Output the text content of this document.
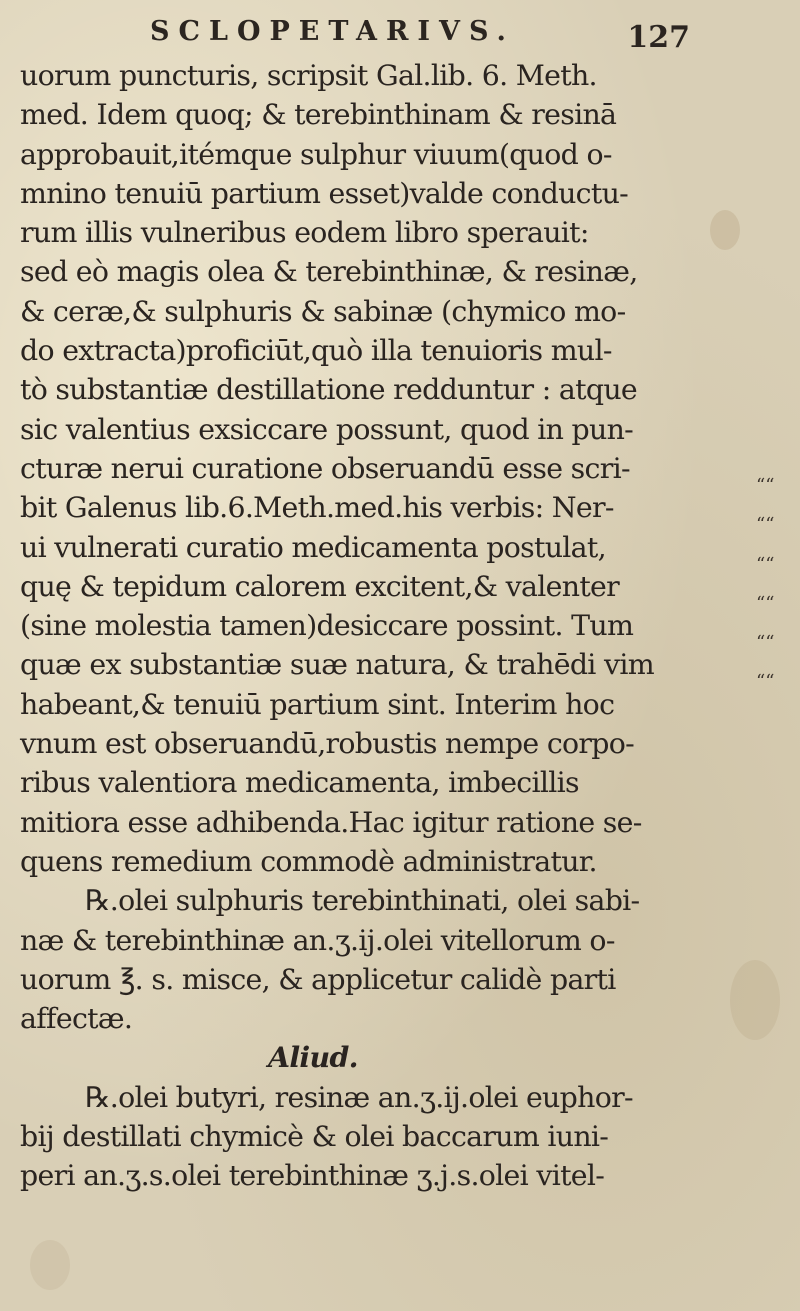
SCLOPETARIVS.	127
uorum puncturis, scripsit Gal.lib. 6. Meth.
med. Idem quoq; & terebinthinam & resinā
approbauit,itémque sulphur viuum(quod o-
mnino tenuiū partium esset)valde conductu-
rum illis vulneribus eodem libro sperauit:
sed eò magis olea & terebinthinæ, & resinæ,
& ceræ,& sulphuris & sabinæ (chymico mo-
do extracta)proficiūt,quò illa tenuioris mul-
tò substantiæ destillatione redduntur : atque
sic valentius exsiccare possunt, quod in pun-
cturæ nerui curatione obseruandū esse scri-
bit Galenus lib.6.Meth.med.his verbis: Ner-
ui vulnerati curatio medicamenta postulat,
quę & tepidum calorem excitent,& valenter
(sine molestia tamen)desiccare possint. Tum
quæ ex substantiæ suæ natura, & trahēdi vim
habeant,& tenuiū partium sint. Interim hoc
vnum est obseruandū,robustis nempe corpo-
ribus valentiora medicamenta, imbecillis
mitiora esse adhibenda.Hac igitur ratione se-
quens remedium commodè administratur.
℞.olei sulphuris terebinthinati, olei sabi-
næ & terebinthinæ an.ʒ.ij.olei vitellorum o-
uorum ℥. s. misce, & applicetur calidè parti
affectæ.
Aliud.
℞.olei butyri, resinæ an.ʒ.ij.olei euphor-
bij destillati chymicè & olei baccarum iuni-
peri an.ʒ.s.olei terebinthinæ ʒ.j.s.olei vitel-
““
““
““
““
““
““
